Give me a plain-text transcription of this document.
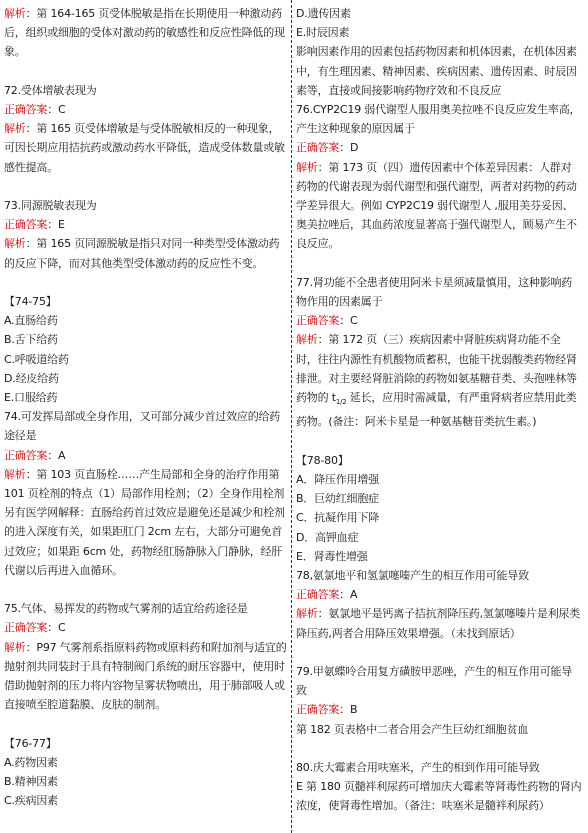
解析：第 164-165 页受体脱敏是指在长期使用一种激动药后，组织或细胞的受体对激动药的敏感性和反应性降低的现象。

72.受体增敏表现为

正确答案：C

解析：第 165 页受体增敏是与受体脱敏相反的一种现象，可因长期应用拮抗药或激动药水平降低，造成受体数量或敏感性提高。

73.同源脱敏表现为

正确答案：E

解析：第 165 页同源脱敏是指只对同一种类型受体激动药的反应下降，而对其他类型受体激动药的反应性不变。

【74-75】

A.直肠给药

B.舌下给药

C.呼吸道给药

D.经皮给药

E.口服给药

74.可发挥局部或全身作用，又可部分减少首过效应的给药途径是

正确答案：A

解析：第 103 页直肠栓……产生局部和全身的治疗作用第 101 页栓剂的特点（1）局部作用栓剂；（2）全身作用栓剂

另有医学网解释：直肠给药首过效应是避免还是减少和栓剂的进入深度有关，如果距肛门 2cm 左右，大部分可避免首过效应；如果距 6cm 处，药物经肛肠静脉入门静脉，经肝代谢以后再进入血循环。

75.气体、易挥发的药物或气雾剂的适宜给药途径是

正确答案：C

解析：P97 气雾剂系指原料药物或原料药和附加剂与适宜的抛射剂共同装封于具有特制阀门系统的耐压容器中，使用时借助抛射剂的压力将内容物呈雾状物喷出，用于肺部吸人或直接喷至腔道黏膜、皮肤的制剂。

【76-77】

A.药物因素

B.精神因素

C.疾病因素

D.遗传因素

E.时辰因素

影响因素作用的因素包括药物因素和机体因素，在机体因素中，有生理因素、精神因素、疾病因素、遗传因素、时辰因素等，直接或间接影响药物疗效和不良反应

76.CYP2C19 弱代谢型人服用奥美拉唑不良反应发生率高，产生这种现象的原因属于

正确答案：D

解析：第 173 页（四）遗传因素中个体差异因素：人群对药物的代谢表现为弱代谢型和强代谢型，两者对药物的药动学差异很大。例如 CYP2C19 弱代谢型人 ,服用美芬妥因、奥美拉唑后，其血药浓度显著高于强代谢型人，顾易产生不良反应。

77.肾功能不全患者使用阿米卡星须减量慎用，这种影响药物作用的因素属于

正确答案：C

解析：第 172 页（三）疾病因素中肾脏疾病肾功能不全时，往往内源性有机酸物质蓄积，也能干扰弱酸类药物经肾排泄。对主要经肾脏消除的药物如氨基糖苷类、头孢唑林等药物的 $t_{1/2}$ 延长，应用时需减量，有严重肾病者应禁用此类药物。(备注：阿米卡星是一种氨基糖苷类抗生素。)

【78-80】

A．降压作用增强

B．巨幼红细胞症

C．抗凝作用下降

D．高钾血症

E．肾毒性增强

78,氨氯地平和氢氯噻嗪产生的相互作用可能导致

正确答案：A

解析：氨氯地平是钙离子拮抗剂降压药,氢氯噻嗪片是利尿类降压药,两者合用降压效果增强。（未找到原话）

79.甲氨蝶呤合用复方磺胺甲恶唑，产生的相互作用可能导致

正确答案：B

第 182 页表格中二者合用会产生巨幼红细胞贫血

80.庆大霉素合用呋塞米，产生的相到作用可能导致

E 第 180 页髓袢利尿药可增加庆大霉素等肾毒性药物的肾内浓度，使肾毒性增加。（备注：呋塞米是髓袢利尿药）
